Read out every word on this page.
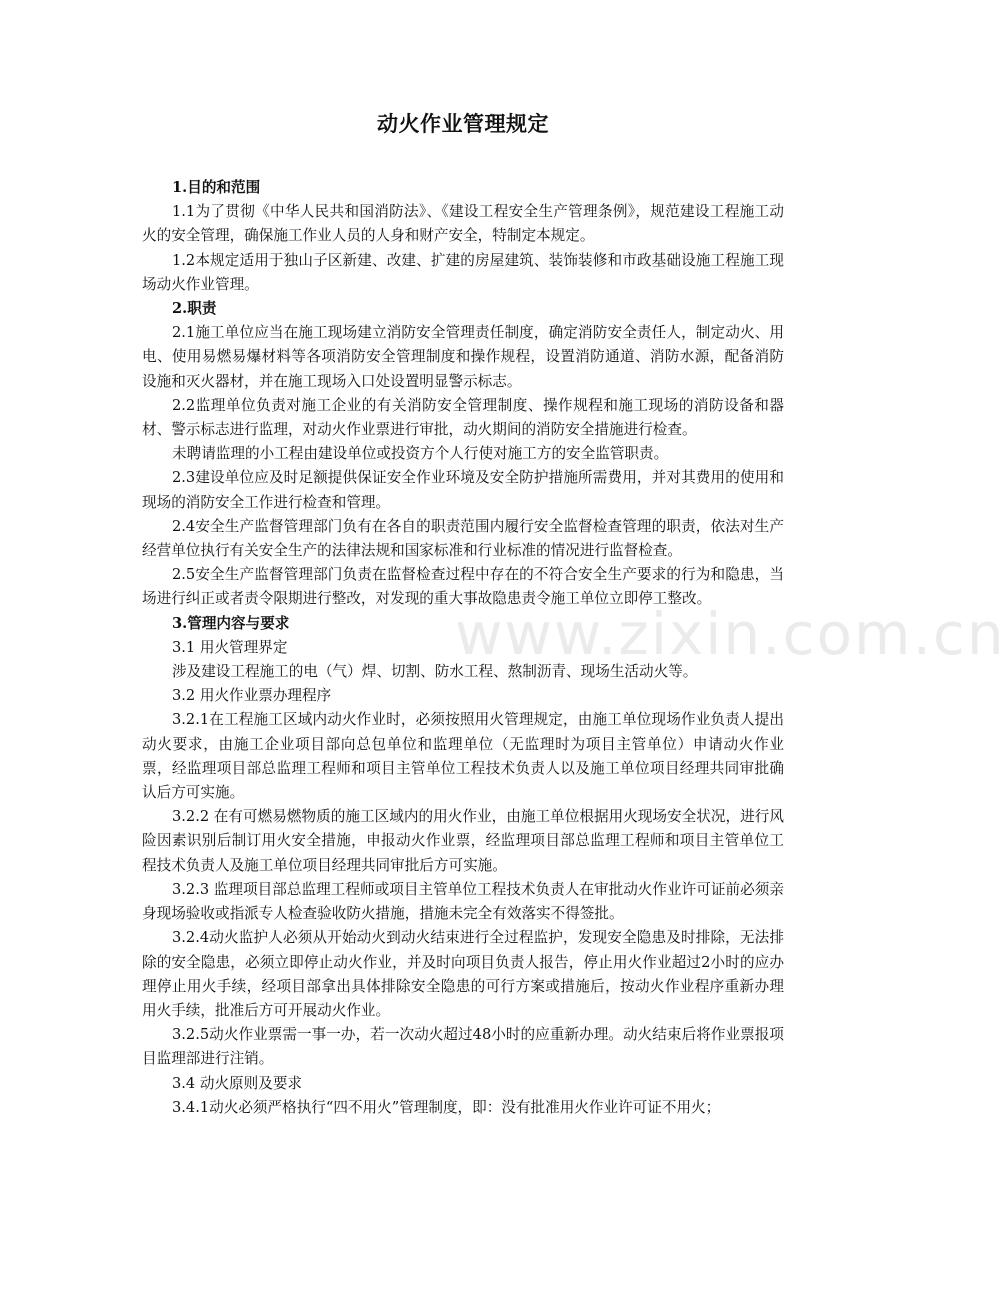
动火作业管理规定

1.目的和范围

1.1为了贯彻《中华人民共和国消防法》、《建设工程安全生产管理条例》，规范建设工程施工动火的安全管理，确保施工作业人员的人身和财产安全，特制定本规定。

1.2本规定适用于独山子区新建、改建、扩建的房屋建筑、装饰装修和市政基础设施工程施工现场动火作业管理。

2.职责

2.1施工单位应当在施工现场建立消防安全管理责任制度，确定消防安全责任人，制定动火、用电、使用易燃易爆材料等各项消防安全管理制度和操作规程，设置消防通道、消防水源，配备消防设施和灭火器材，并在施工现场入口处设置明显警示标志。

2.2监理单位负责对施工企业的有关消防安全管理制度、操作规程和施工现场的消防设备和器材、警示标志进行监理，对动火作业票进行审批，动火期间的消防安全措施进行检查。

未聘请监理的小工程由建设单位或投资方个人行使对施工方的安全监管职责。

2.3建设单位应及时足额提供保证安全作业环境及安全防护措施所需费用，并对其费用的使用和现场的消防安全工作进行检查和管理。

2.4安全生产监督管理部门负有在各自的职责范围内履行安全监督检查管理的职责，依法对生产经营单位执行有关安全生产的法律法规和国家标准和行业标准的情况进行监督检查。

2.5安全生产监督管理部门负责在监督检查过程中存在的不符合安全生产要求的行为和隐患，当场进行纠正或者责令限期进行整改，对发现的重大事故隐患责令施工单位立即停工整改。

3.管理内容与要求

3.1 用火管理界定

涉及建设工程施工的电（气）焊、切割、防水工程、熬制沥青、现场生活动火等。

3.2 用火作业票办理程序

3.2.1在工程施工区域内动火作业时，必须按照用火管理规定，由施工单位现场作业负责人提出动火要求，由施工企业项目部向总包单位和监理单位（无监理时为项目主管单位）申请动火作业票，经监理项目部总监理工程师和项目主管单位工程技术负责人以及施工单位项目经理共同审批确认后方可实施。

3.2.2 在有可燃易燃物质的施工区域内的用火作业，由施工单位根据用火现场安全状况，进行风险因素识别后制订用火安全措施，申报动火作业票，经监理项目部总监理工程师和项目主管单位工程技术负责人及施工单位项目经理共同审批后方可实施。

3.2.3 监理项目部总监理工程师或项目主管单位工程技术负责人在审批动火作业许可证前必须亲身现场验收或指派专人检查验收防火措施，措施未完全有效落实不得签批。

3.2.4动火监护人必须从开始动火到动火结束进行全过程监护，发现安全隐患及时排除，无法排除的安全隐患，必须立即停止动火作业，并及时向项目负责人报告，停止用火作业超过2小时的应办理停止用火手续，经项目部拿出具体排除安全隐患的可行方案或措施后，按动火作业程序重新办理用火手续，批准后方可开展动火作业。

3.2.5动火作业票需一事一办，若一次动火超过48小时的应重新办理。动火结束后将作业票报项目监理部进行注销。

3.4 动火原则及要求

3.4.1动火必须严格执行“四不用火”管理制度，即：没有批准用火作业许可证不用火；

www.zixin.com.cn
